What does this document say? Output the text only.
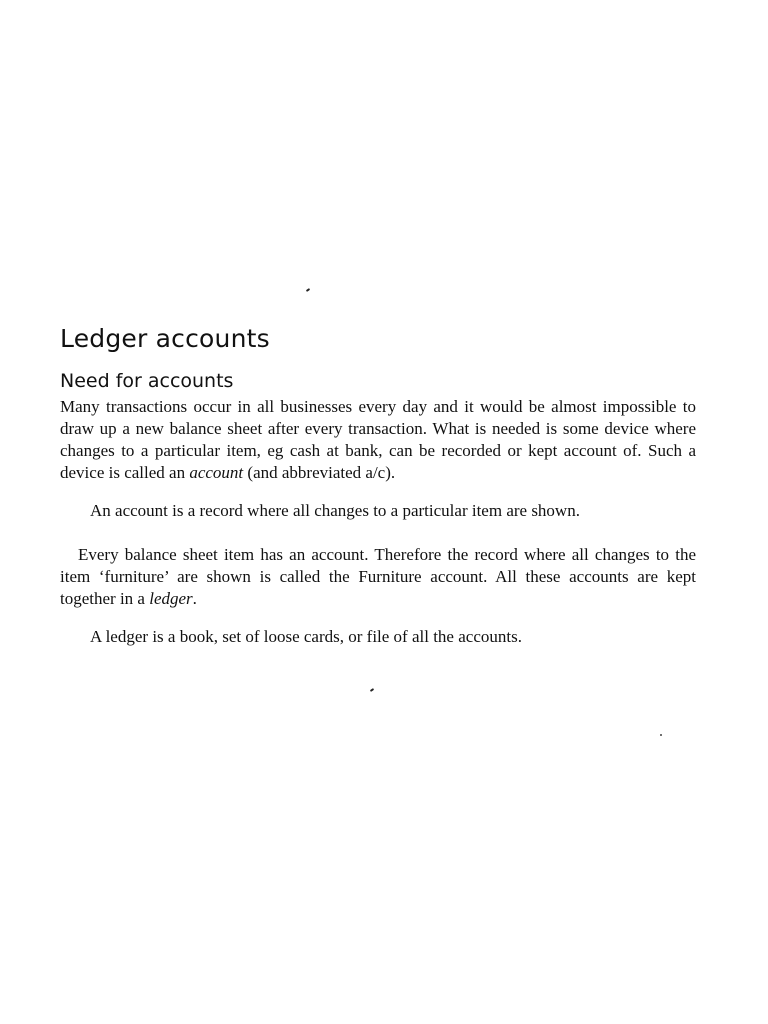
Ledger accounts
Need for accounts

Many transactions occur in all businesses every day and it would be almost impossible to draw up a new balance sheet after every transaction. What is needed is some device where changes to a particular item, eg cash at bank, can be recorded or kept account of. Such a device is called an account (and abbreviated a/c).

An account is a record where all changes to a particular item are shown.

Every balance sheet item has an account. Therefore the record where all changes to the item ‘furniture’ are shown is called the Furniture account. All these accounts are kept together in a ledger.

A ledger is a book, set of loose cards, or file of all the accounts.
